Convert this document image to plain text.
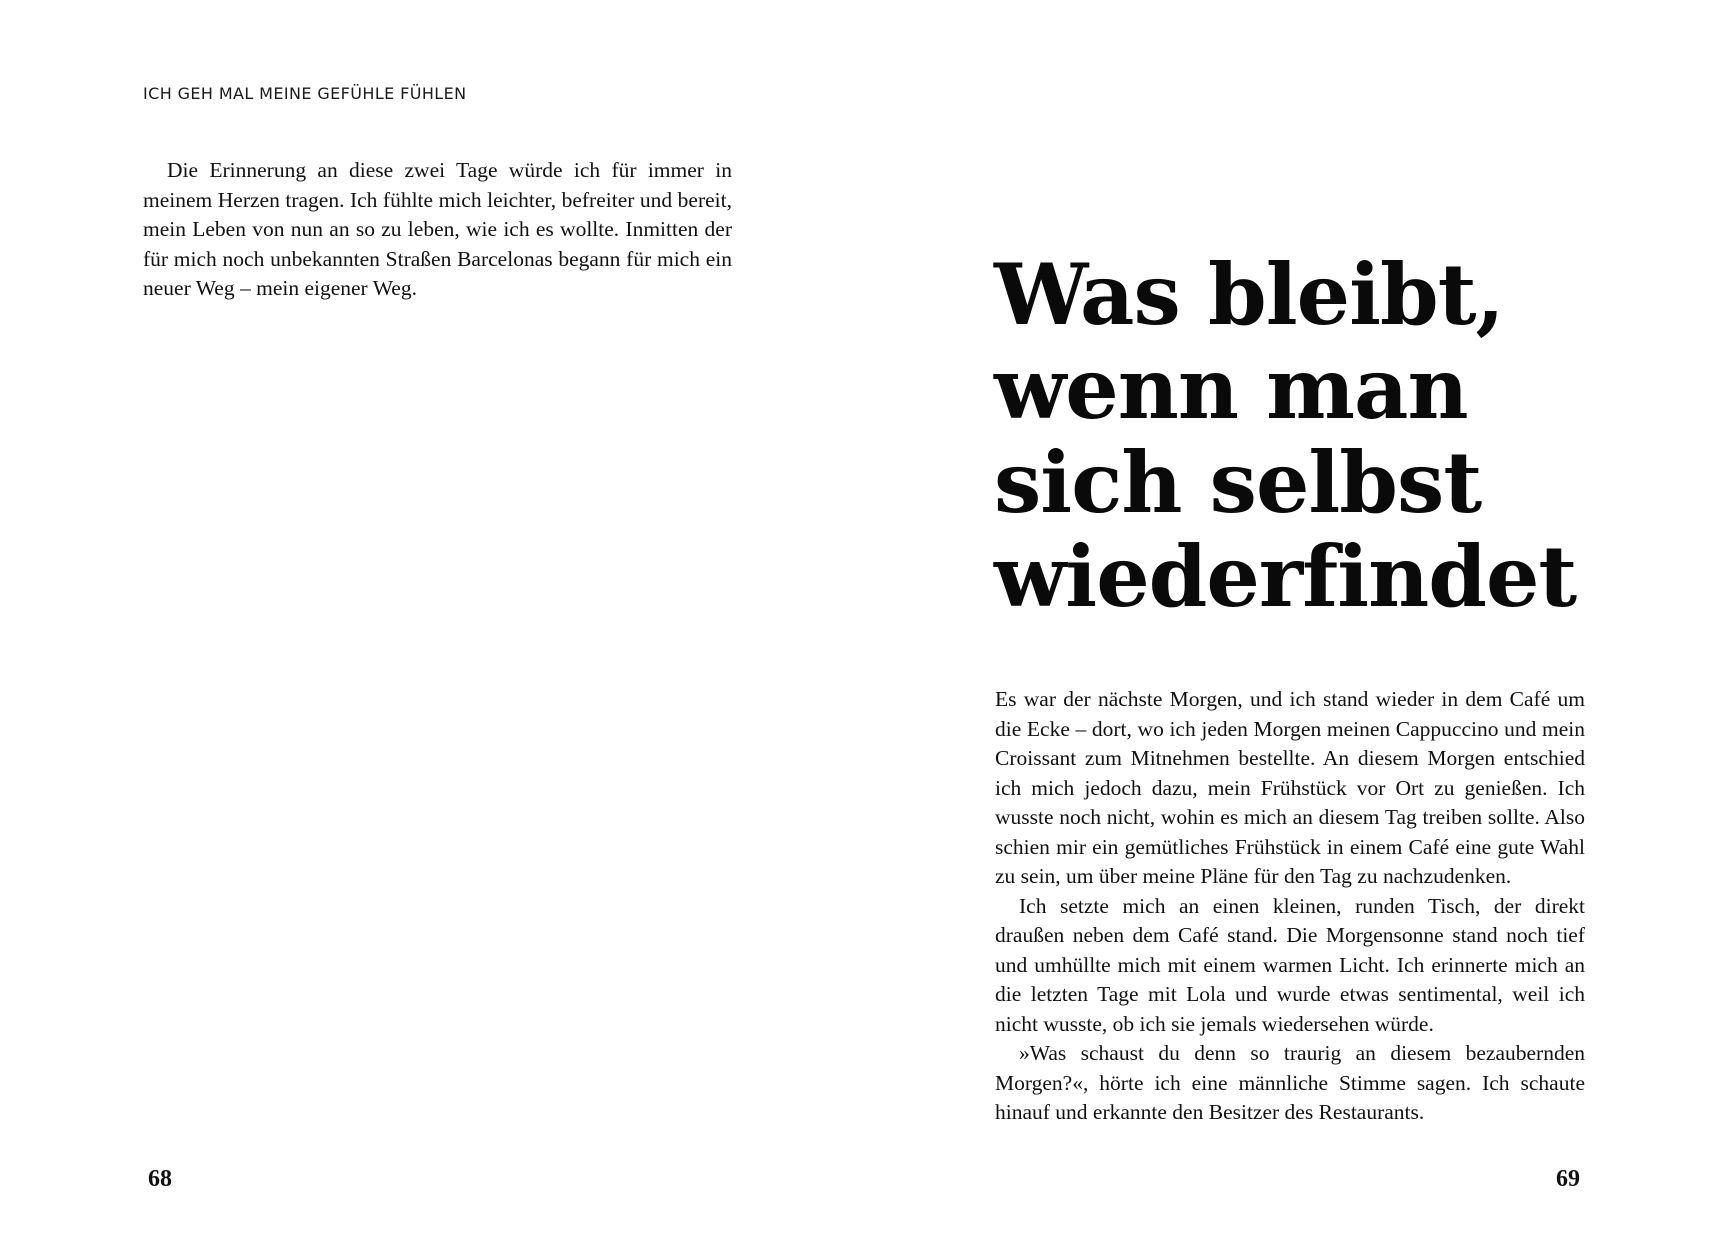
ICH GEH MAL MEINE GEFÜHLE FÜHLEN

Die Erinnerung an diese zwei Tage würde ich für immer in meinem Herzen tragen. Ich fühlte mich leichter, befreiter und bereit, mein Leben von nun an so zu leben, wie ich es wollte. Inmitten der für mich noch unbekannten Straßen Barcelonas begann für mich ein neuer Weg – mein eigener Weg.

68
Was bleibt,
wenn man
sich selbst
wiederfindet

Es war der nächste Morgen, und ich stand wieder in dem Café um die Ecke – dort, wo ich jeden Morgen meinen Cappuccino und mein Croissant zum Mitnehmen bestellte. An diesem Morgen entschied ich mich jedoch dazu, mein Frühstück vor Ort zu genießen. Ich wusste noch nicht, wohin es mich an diesem Tag treiben sollte. Also schien mir ein gemütliches Frühstück in einem Café eine gute Wahl zu sein, um über meine Pläne für den Tag zu nachzudenken.

Ich setzte mich an einen kleinen, runden Tisch, der direkt draußen neben dem Café stand. Die Morgensonne stand noch tief und umhüllte mich mit einem warmen Licht. Ich erinnerte mich an die letzten Tage mit Lola und wurde etwas sentimental, weil ich nicht wusste, ob ich sie jemals wiedersehen würde.

»Was schaust du denn so traurig an diesem bezaubernden Morgen?«, hörte ich eine männliche Stimme sagen. Ich schaute hinauf und erkannte den Besitzer des Restaurants.

69
